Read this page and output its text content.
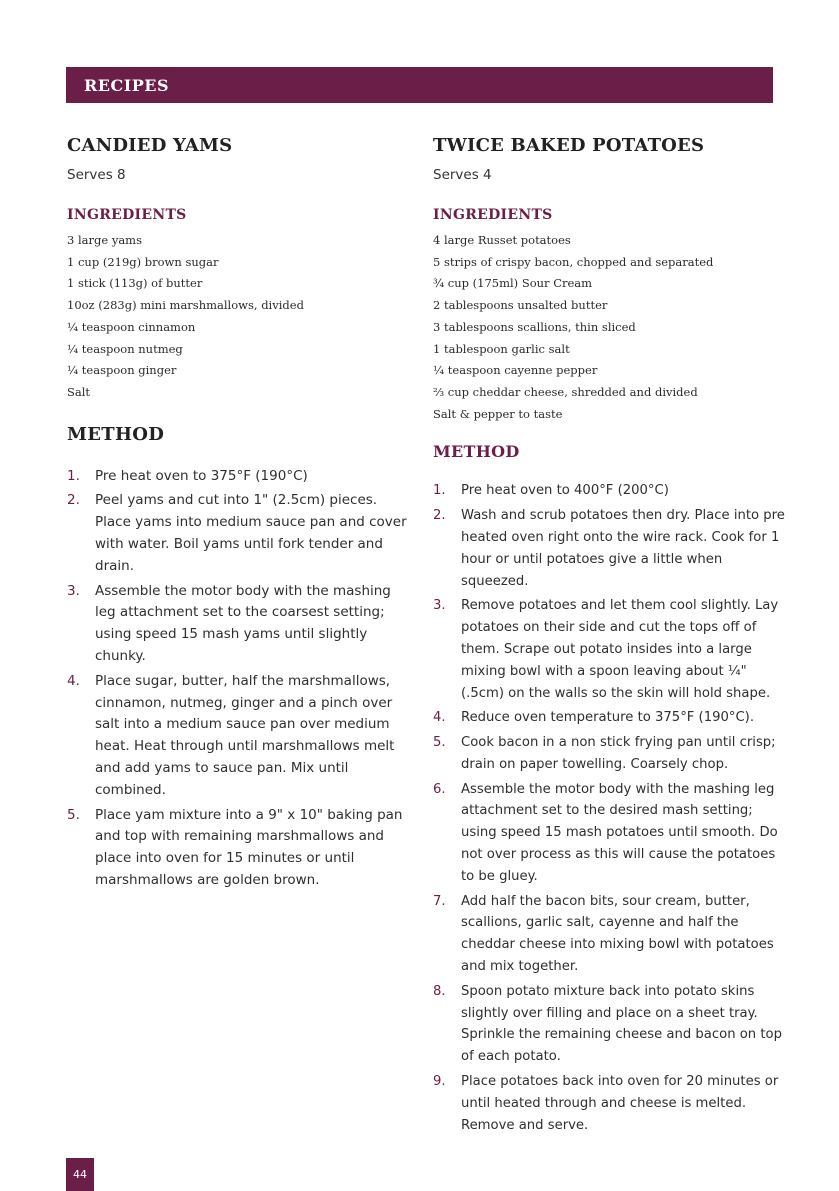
RECIPES
CANDIED YAMS

Serves 8

INGREDIENTS
3 large yams
1 cup (219g) brown sugar
1 stick (113g) of butter
10oz (283g) mini marshmallows, divided
¼ teaspoon cinnamon
¼ teaspoon nutmeg
¼ teaspoon ginger
Salt
METHOD
1.	Pre heat oven to 375°F (190°C)
2.	Peel yams and cut into 1" (2.5cm) pieces. Place yams into medium sauce pan and cover with water. Boil yams until fork tender and drain.
3.	Assemble the motor body with the mashing leg attachment set to the coarsest setting; using speed 15 mash yams until slightly chunky.
4.	Place sugar, butter, half the marshmallows, cinnamon, nutmeg, ginger and a pinch over salt into a medium sauce pan over medium heat. Heat through until marshmallows melt and add yams to sauce pan. Mix until combined.
5.	Place yam mixture into a 9" x 10" baking pan and top with remaining marshmallows and place into oven for 15 minutes or until marshmallows are golden brown.
TWICE BAKED POTATOES

Serves 4

INGREDIENTS
4 large Russet potatoes
5 strips of crispy bacon, chopped and separated
¾ cup (175ml) Sour Cream
2 tablespoons unsalted butter
3 tablespoons scallions, thin sliced
1 tablespoon garlic salt
¼ teaspoon cayenne pepper
⅔ cup cheddar cheese, shredded and divided
Salt & pepper to taste
METHOD
1.	Pre heat oven to 400°F (200°C)
2.	Wash and scrub potatoes then dry. Place into pre heated oven right onto the wire rack. Cook for 1 hour or until potatoes give a little when squeezed.
3.	Remove potatoes and let them cool slightly. Lay potatoes on their side and cut the tops off of them. Scrape out potato insides into a large mixing bowl with a spoon leaving about ¼" (.5cm) on the walls so the skin will hold shape.
4.	Reduce oven temperature to 375°F (190°C).
5.	Cook bacon in a non stick frying pan until crisp; drain on paper towelling. Coarsely chop.
6.	Assemble the motor body with the mashing leg attachment set to the desired mash setting; using speed 15 mash potatoes until smooth. Do not over process as this will cause the potatoes to be gluey.
7.	Add half the bacon bits, sour cream, butter, scallions, garlic salt, cayenne and half the cheddar cheese into mixing bowl with potatoes and mix together.
8.	Spoon potato mixture back into potato skins slightly over filling and place on a sheet tray. Sprinkle the remaining cheese and bacon on top of each potato.
9.	Place potatoes back into oven for 20 minutes or until heated through and cheese is melted. Remove and serve.
44
